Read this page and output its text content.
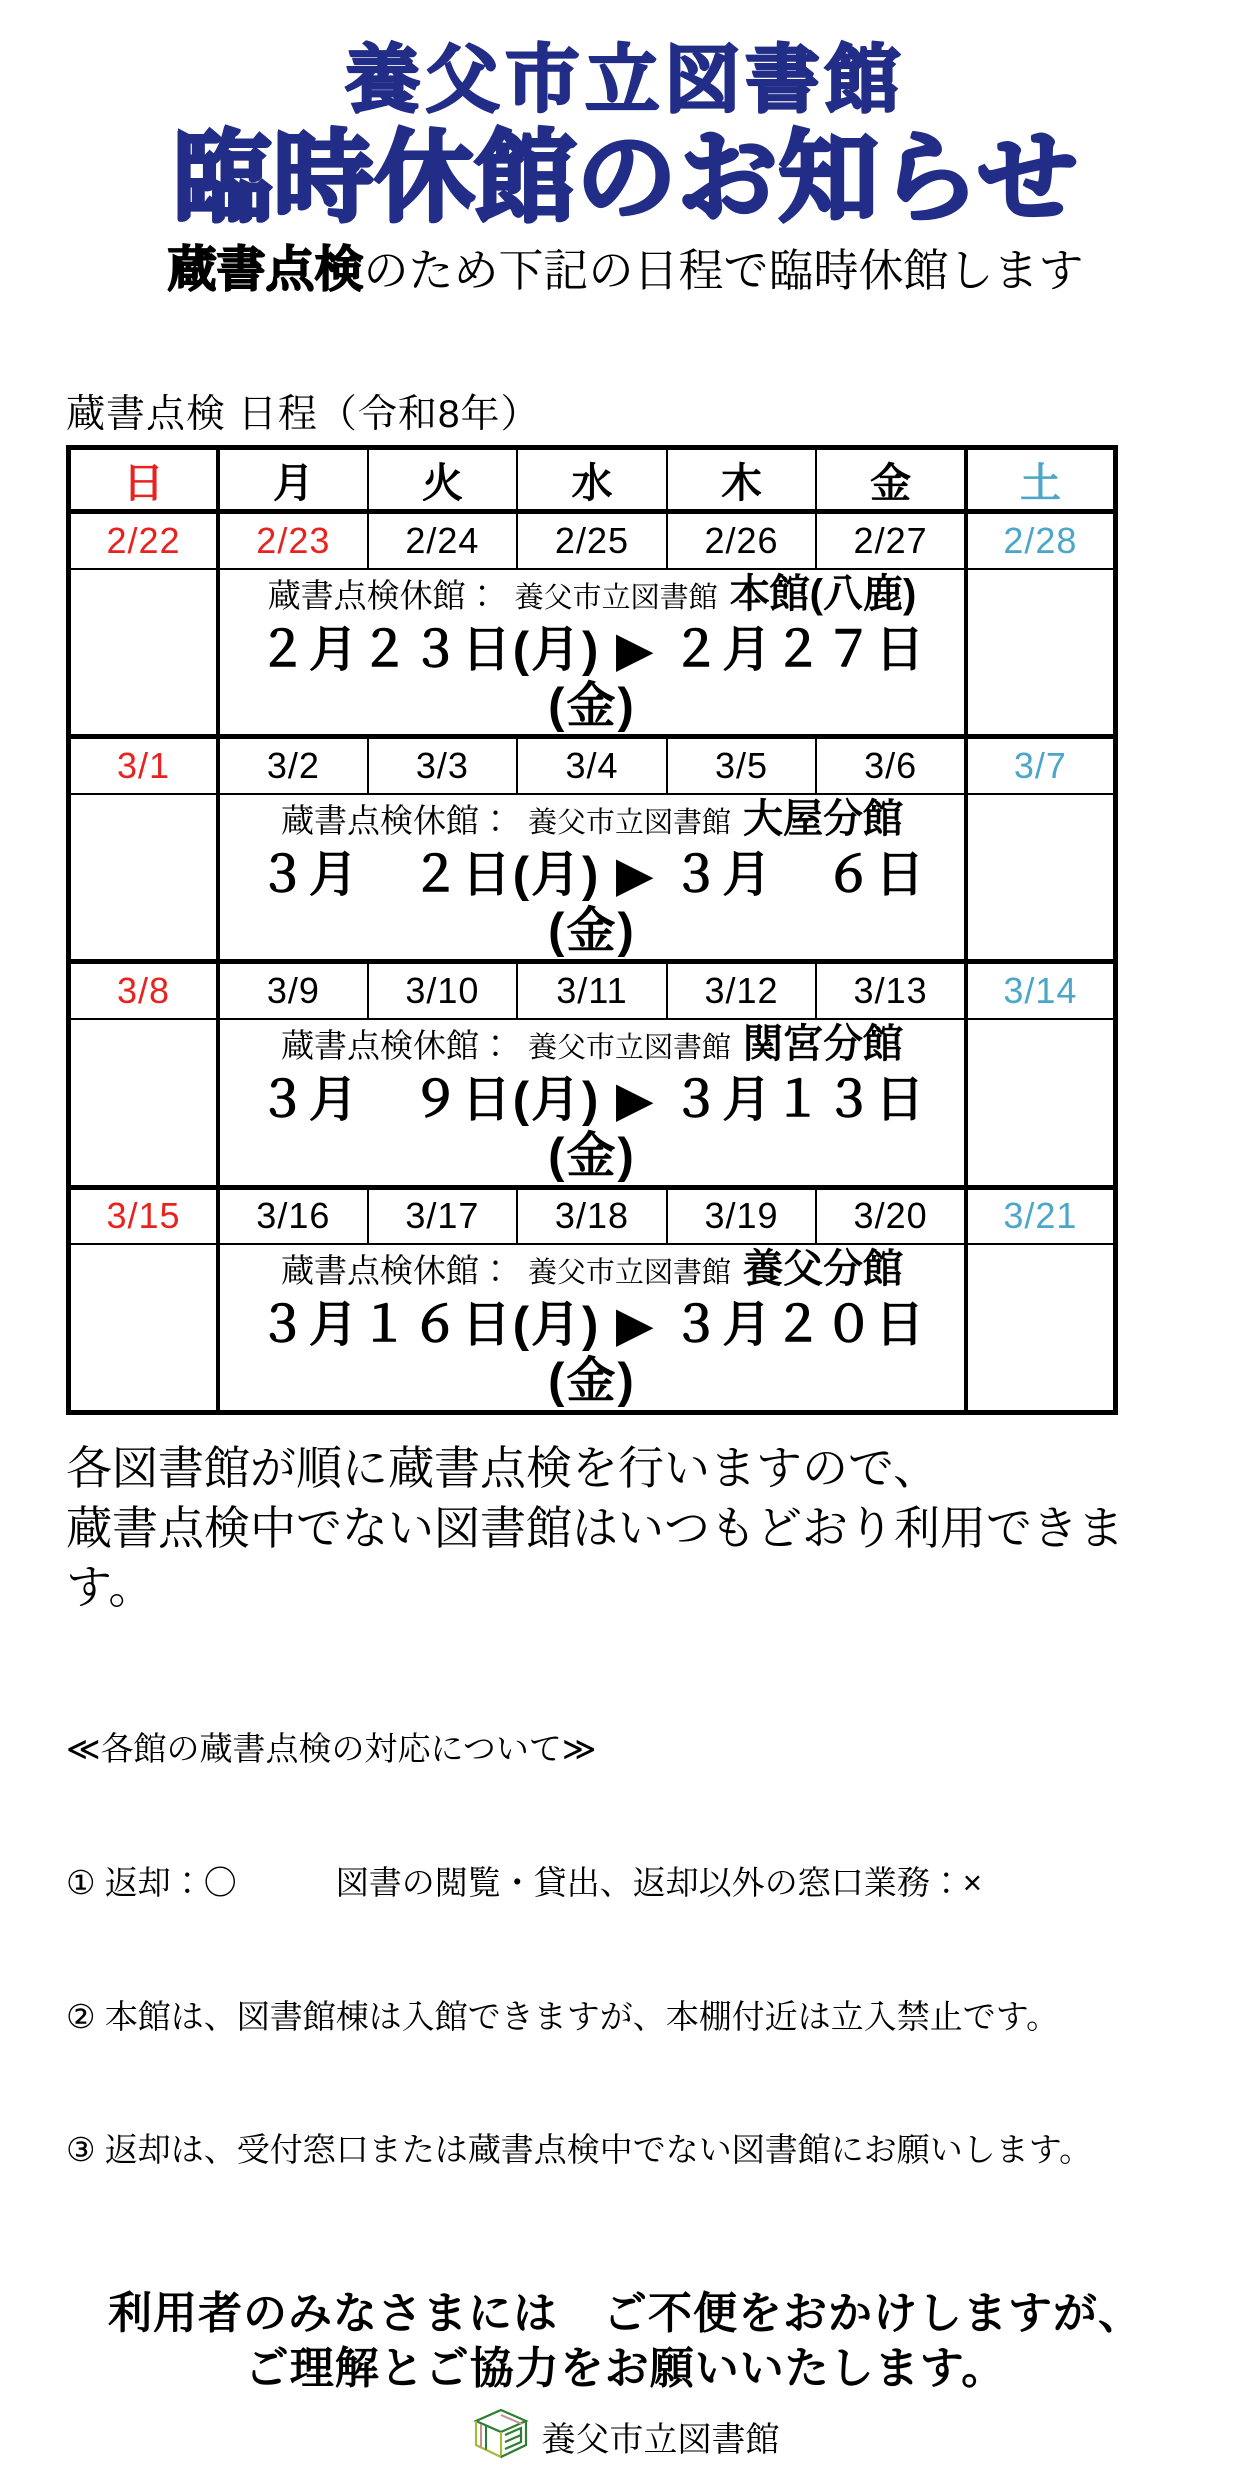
養父市立図書館
臨時休館のお知らせ
蔵書点検のため下記の日程で臨時休館します
蔵書点検 日程（令和8年）
日	月	火	水	木	金	土
2/22	2/23	2/24	2/25	2/26	2/27	2/28

	蔵書点検休館： 養父市立図書館 本館(八鹿)
２月２３日(月) ▶ ２月２７日(金)					

3/1	3/2	3/3	3/4	3/5	3/6	3/7

	蔵書点検休館： 養父市立図書館 大屋分館
３月　２日(月) ▶ ３月　６日(金)					

3/8	3/9	3/10	3/11	3/12	3/13	3/14

	蔵書点検休館： 養父市立図書館 関宮分館
３月　９日(月) ▶ ３月１３日(金)					

3/15	3/16	3/17	3/18	3/19	3/20	3/21

	蔵書点検休館： 養父市立図書館 養父分館
３月１６日(月) ▶ ３月２０日(金)					

各図書館が順に蔵書点検を行いますので、
蔵書点検中でない図書館はいつもどおり利用できます。

≪各館の蔵書点検の対応について≫

① 返却：〇　　　図書の閲覧・貸出、返却以外の窓口業務：×

② 本館は、図書館棟は入館できますが、本棚付近は立入禁止です。

③ 返却は、受付窓口または蔵書点検中でない図書館にお願いします。

利用者のみなさまには　ご不便をおかけしますが、
ご理解とご協力をお願いいたします。
養父市立図書館
